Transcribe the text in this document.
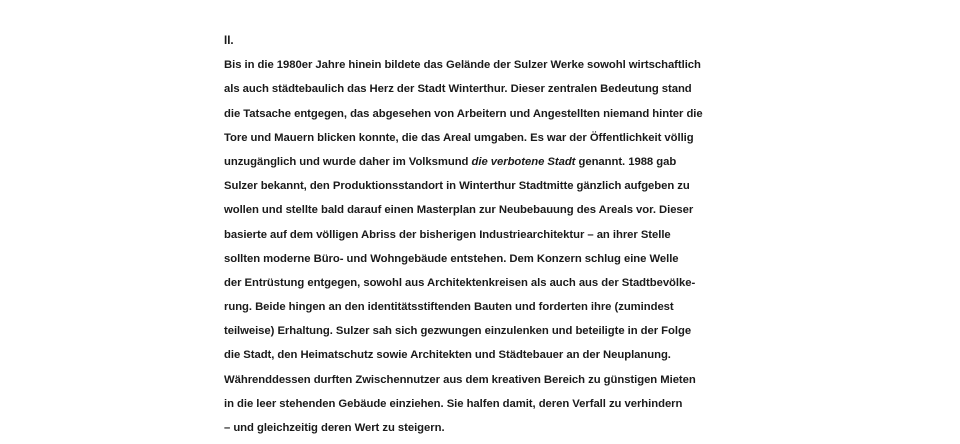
II.

Bis in die 1980er Jahre hinein bildete das Gelände der Sulzer Werke sowohl wirtschaftlich

als auch städtebaulich das Herz der Stadt Winterthur. Dieser zentralen Bedeutung stand

die Tatsache entgegen, das abgesehen von Arbeitern und Angestellten niemand hinter die

Tore und Mauern blicken konnte, die das Areal umgaben. Es war der Öffentlichkeit völlig

unzugänglich und wurde daher im Volksmund die verbotene Stadt genannt. 1988 gab

Sulzer bekannt, den Produktionsstandort in Winterthur Stadtmitte gänzlich aufgeben zu

wollen und stellte bald darauf einen Masterplan zur Neubebauung des Areals vor. Dieser

basierte auf dem völligen Abriss der bisherigen Industriearchitektur – an ihrer Stelle

sollten moderne Büro- und Wohngebäude entstehen. Dem Konzern schlug eine Welle

der Entrüstung entgegen, sowohl aus Architektenkreisen als auch aus der Stadtbevölke-

rung. Beide hingen an den identitätsstiftenden Bauten und forderten ihre (zumindest

teilweise) Erhaltung. Sulzer sah sich gezwungen einzulenken und beteiligte in der Folge

die Stadt, den Heimatschutz sowie Architekten und Städtebauer an der Neuplanung.

Währenddessen durften Zwischennutzer aus dem kreativen Bereich zu günstigen Mieten

in die leer stehenden Gebäude einziehen. Sie halfen damit, deren Verfall zu verhindern

– und gleichzeitig deren Wert zu steigern.
